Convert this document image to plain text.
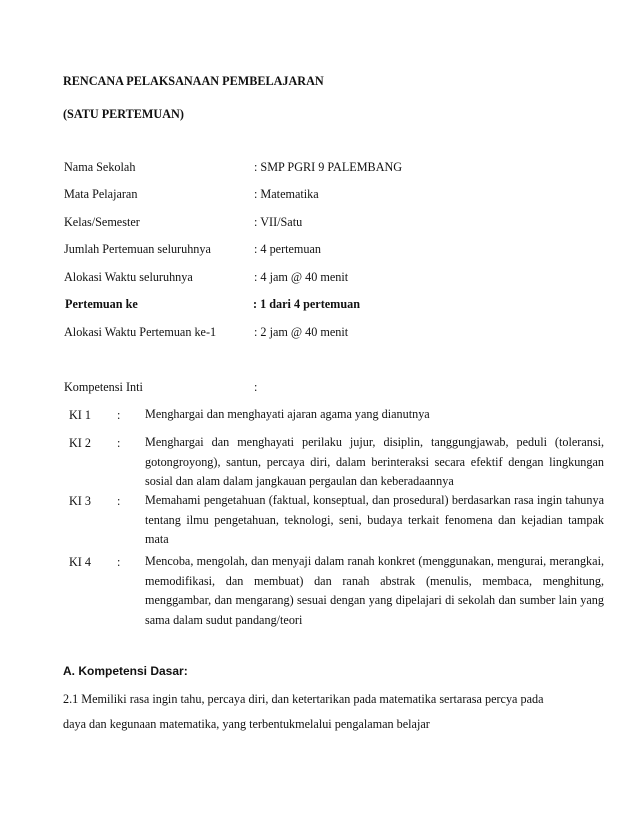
RENCANA PELAKSANAAN PEMBELAJARAN
(SATU PERTEMUAN)
Nama Sekolah	: SMP PGRI 9 PALEMBANG
Mata Pelajaran	: Matematika
Kelas/Semester	: VII/Satu
Jumlah Pertemuan seluruhnya	: 4 pertemuan
Alokasi Waktu seluruhnya	: 4 jam @ 40 menit
Pertemuan ke	: 1 dari 4 pertemuan
Alokasi Waktu Pertemuan ke-1	: 2 jam @ 40 menit
Kompetensi Inti	:
KI 1 : Menghargai dan menghayati ajaran agama yang dianutnya
KI 2 : Menghargai dan menghayati perilaku jujur, disiplin, tanggungjawab, peduli (toleransi, gotongroyong), santun, percaya diri, dalam berinteraksi secara efektif dengan lingkungan sosial dan alam dalam jangkauan pergaulan dan keberadaannya
KI 3 : Memahami pengetahuan (faktual, konseptual, dan prosedural) berdasarkan rasa ingin tahunya tentang ilmu pengetahuan, teknologi, seni, budaya terkait fenomena dan kejadian tampak mata
KI 4 : Mencoba, mengolah, dan menyaji dalam ranah konkret (menggunakan, mengurai, merangkai, memodifikasi, dan membuat) dan ranah abstrak (menulis, membaca, menghitung, menggambar, dan mengarang) sesuai dengan yang dipelajari di sekolah dan sumber lain yang sama dalam sudut pandang/teori
A. Kompetensi Dasar:
2.1 Memiliki rasa ingin tahu, percaya diri, dan ketertarikan pada matematika sertarasa percya pada
daya dan kegunaan matematika, yang terbentukmelalui pengalaman belajar
